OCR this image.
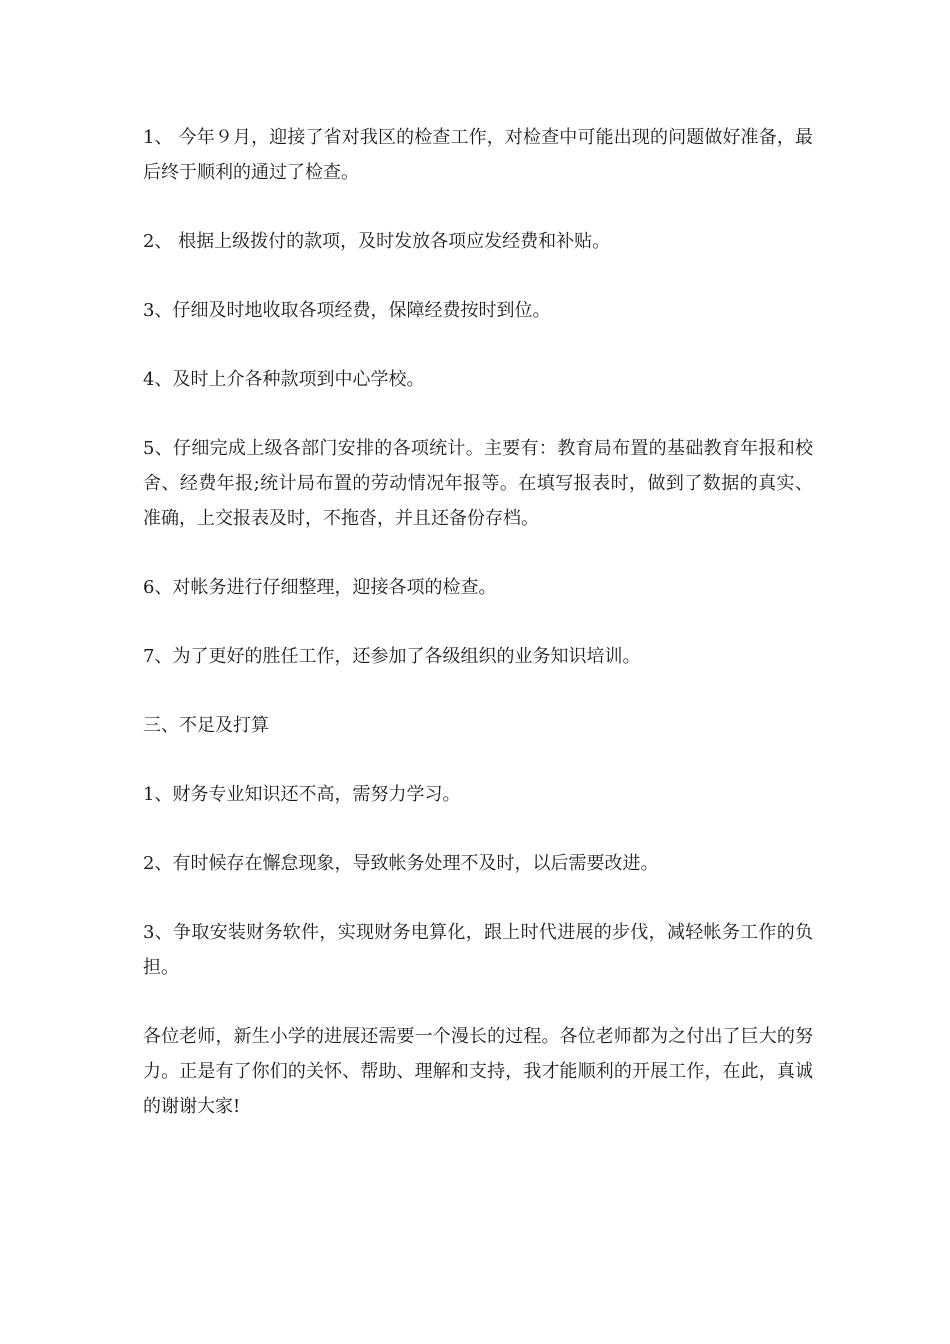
1、 今年９月，迎接了省对我区的检查工作，对检查中可能出现的问题做好准备，最后终于顺利的通过了检查。

2、 根据上级拨付的款项，及时发放各项应发经费和补贴。

3、仔细及时地收取各项经费，保障经费按时到位。

4、及时上介各种款项到中心学校。

5、仔细完成上级各部门安排的各项统计。主要有：教育局布置的基础教育年报和校舍、经费年报;统计局布置的劳动情况年报等。在填写报表时，做到了数据的真实、准确，上交报表及时，不拖沓，并且还备份存档。

6、对帐务进行仔细整理，迎接各项的检查。

7、为了更好的胜任工作，还参加了各级组织的业务知识培训。

三、不足及打算

1、财务专业知识还不高，需努力学习。

2、有时候存在懈怠现象，导致帐务处理不及时，以后需要改进。

3、争取安装财务软件，实现财务电算化，跟上时代进展的步伐，减轻帐务工作的负担。

各位老师，新生小学的进展还需要一个漫长的过程。各位老师都为之付出了巨大的努力。正是有了你们的关怀、帮助、理解和支持，我才能顺利的开展工作，在此，真诚的谢谢大家!
